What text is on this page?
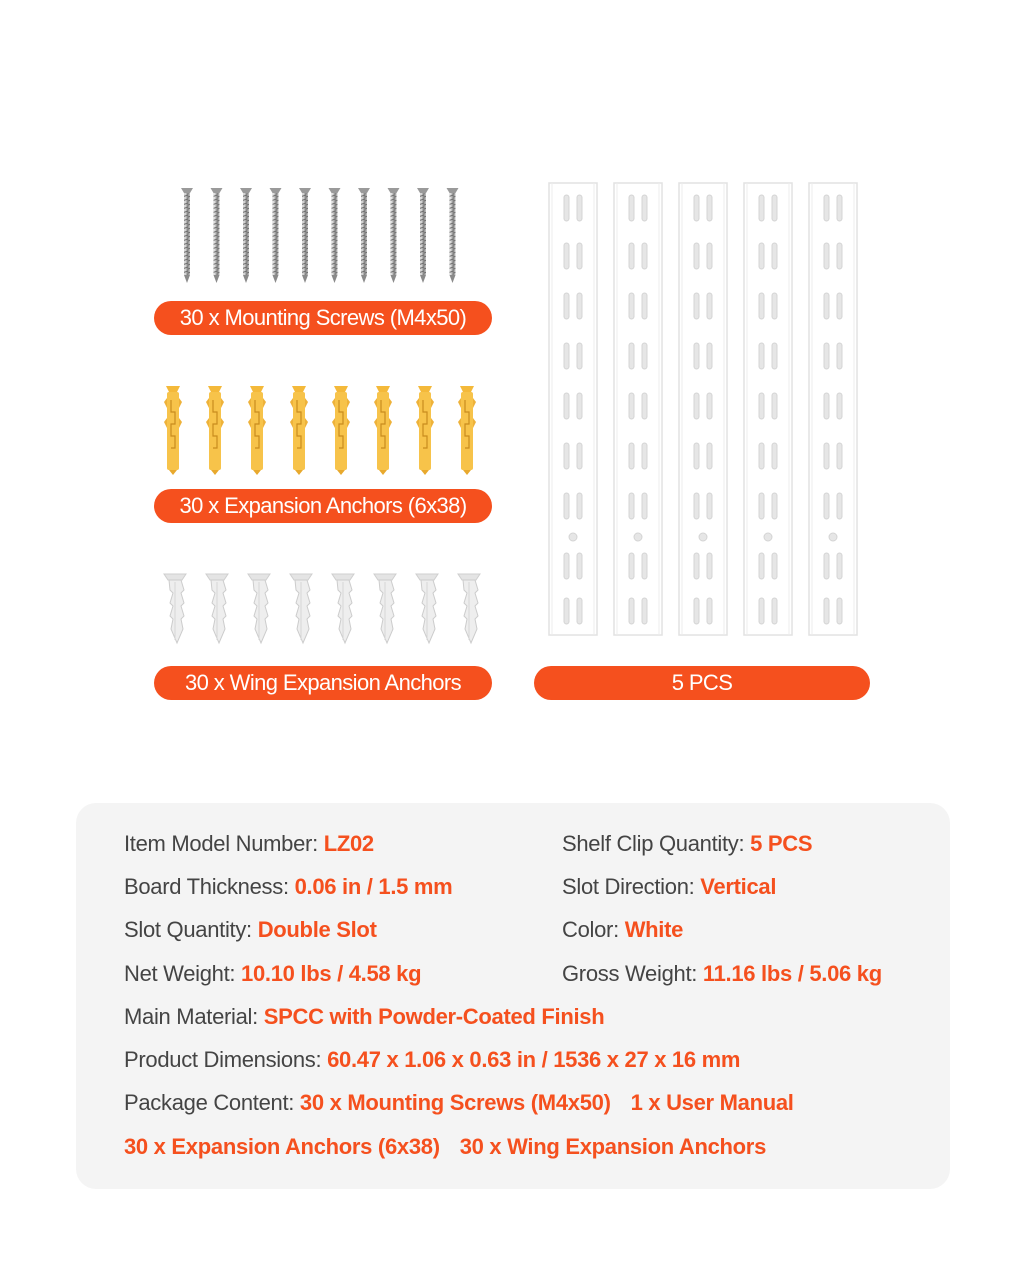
30 x Mounting Screws (M4x50)
30 x Expansion Anchors (6x38)
30 x Wing Expansion Anchors	5 PCS
Item Model Number: LZ02	Shelf Clip Quantity: 5 PCS
Board Thickness: 0.06 in / 1.5 mm	Slot Direction: Vertical
Slot Quantity: Double Slot	Color: White
Net Weight: 10.10 lbs / 4.58 kg	Gross Weight: 11.16 lbs / 5.06 kg
Main Material: SPCC with Powder-Coated Finish
Product Dimensions: 60.47 x 1.06 x 0.63 in / 1536 x 27 x 16 mm
Package Content: 30 x Mounting Screws (M4x50) 1 x User Manual
30 x Expansion Anchors (6x38) 30 x Wing Expansion Anchors
